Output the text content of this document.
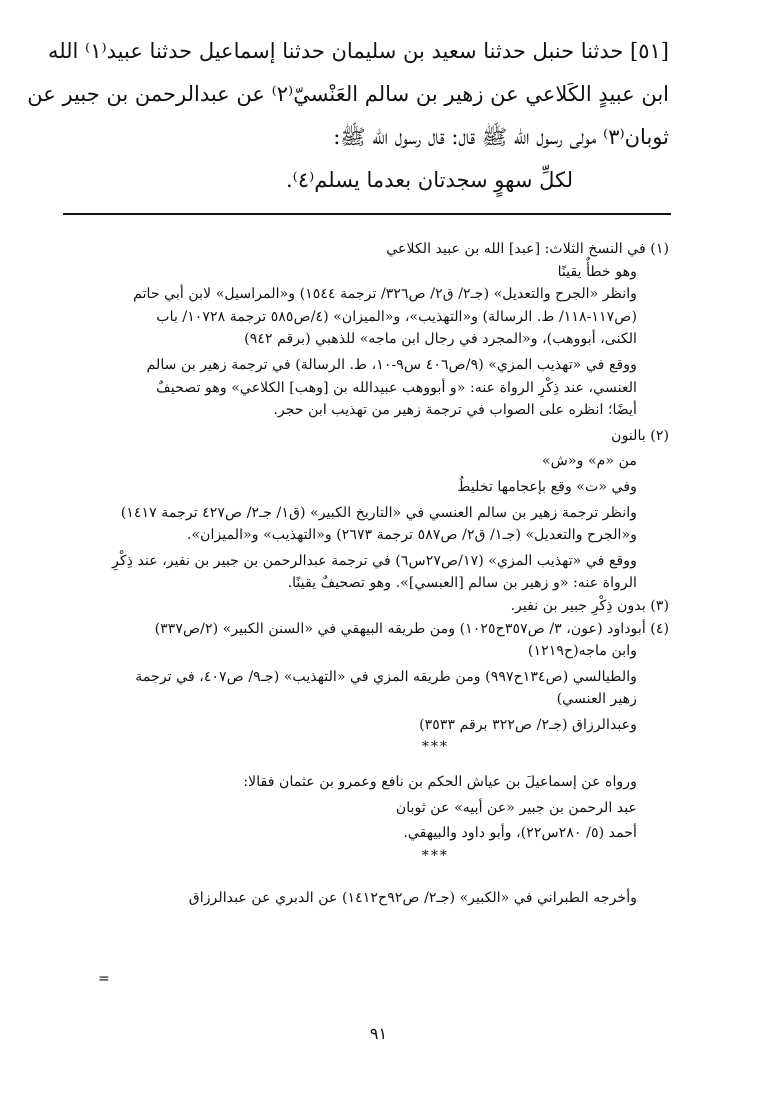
[٥١] حدثنا حنبل حدثنا سعيد بن سليمان حدثنا إسماعيل حدثنا عبيد⁽١⁾ الله
ابن عبيدٍ الكَلاعي عن زهير بن سالم العَنْسيّ⁽٢⁾ عن عبدالرحمن بن جبير عن
ثوبان⁽٣⁾ مولى رسول الله ﷺ قال: قال رسول الله ﷺ:
لكلِّ سهوٍ سجدتان بعدما يسلم⁽٤⁾.
(١) في النسخ الثلاث: [عبد] الله بن عبيد الكلاعي
وهو خطأٌ يقينًا
وانظر «الجرح والتعديل» (جـ٢/ ق٢/ ص٣٢٦/ ترجمة ١٥٤٤) و«المراسيل» لابن أبي حاتم
(ص١١٧-١١٨/ ط. الرسالة) و«التهذيب»، و«الميزان» (٤/ص٥٨٥ ترجمة ١٠٧٢٨/ باب
الكنى، أبووهب)، و«المجرد في رجال ابن ماجه» للذهبي (برقم ٩٤٢)
ووقع في «تهذيب المزي» (٩/ص٤٠٦ س٩-١٠، ط. الرسالة) في ترجمة زهير بن سالم
العنسي، عند ذِكْرِ الرواة عنه: «و أبووهب عبيدالله بن [وهب] الكلاعي» وهو تصحيفٌ
أيضًا؛ انظره على الصواب في ترجمة زهير من تهذيب ابن حجر.
(٢) بالنون
من «م» و«ش»
وفي «ت» وقع بإعجامها تخليطٌ
وانظر ترجمة زهير بن سالم العنسي في «التاريخ الكبير» (ق١/ جـ٢/ ص٤٢٧ ترجمة ١٤١٧)
و«الجرح والتعديل» (جـ١/ ق٢/ ص٥٨٧ ترجمة ٢٦٧٣) و«التهذيب» و«الميزان».
ووقع في «تهذيب المزي» (١٧/ص٢٧س٦) في ترجمة عبدالرحمن بن جبير بن نفير، عند ذِكْرِ
الرواة عنه: «و زهير بن سالم [العبسي]». وهو تصحيفٌ يقينًا.
(٣) بدون ذِكْرِ جبير بن نفير.
(٤) أبوداود (عون، ٣/ ص٣٥٧ح١٠٢٥) ومن طريقه البيهقي في «السنن الكبير» (٢/ص٣٣٧)
وابن ماجه(ح١٢١٩)
والطيالسي (ص١٣٤ح٩٩٧) ومن طريقه المزي في «التهذيب» (جـ٩/ ص٤٠٧، في ترجمة
زهير العنسي)
وعبدالرزاق (جـ٢/ ص٣٢٢ برقم ٣٥٣٣)
***
ورواه عن إسماعيلَ بن عياش الحكم بن نافع وعمرو بن عثمان فقالا:
عبد الرحمن بن جبير «عن أبيه» عن ثوبان
أحمد (٥/ ٢٨٠س٢٢)، وأبو داود والبيهقي.
***
وأخرجه الطبراني في «الكبير» (جـ٢/ ص٩٢ح١٤١٢) عن الدبري عن عبدالرزاق
=
٩١
